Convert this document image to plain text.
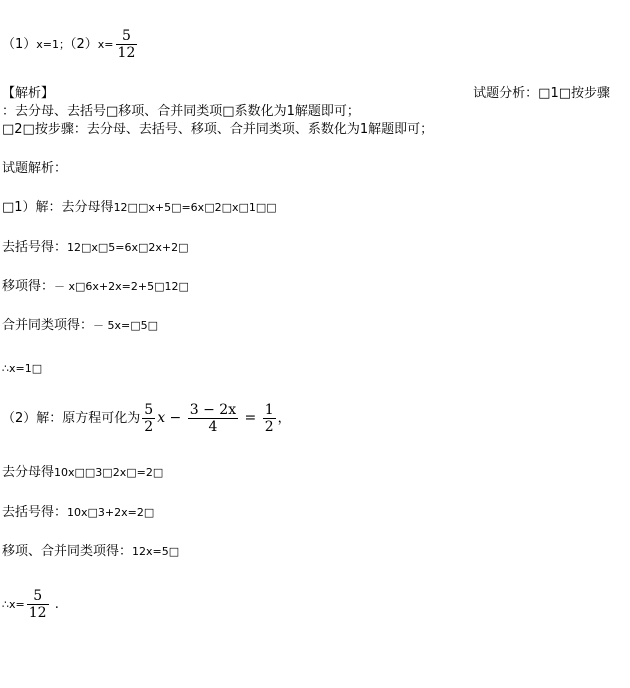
（1）x=1；$(2)x= \frac{5}{12}$
【解析】	试题分析：□1□按步骤
：去分母、去括号□移项、合并同类项□系数化为1解题即可；
□2□按步骤：去分母、去括号、移项、合并同类项、系数化为1解题即可；
试题解析：
□1）解：去分母得12□□x+5□=6x□2□x□1□□
去括号得：12□x□5=6x□2x+2□
移项得：－ x□6x+2x=2+5□12□
合并同类项得：－ 5x=□5□
∴x=1□
（2）解：原方程可化为 $\frac{5}{2}$ $x - \frac{3 - 2x}{4} = \frac{1}{2}$ ，
去分母得10x□□3□2x□=2□
去括号得：10x□3+2x=2□
移项、合并同类项得：12x=5□
∴x= $\frac{5}{12}$ .
